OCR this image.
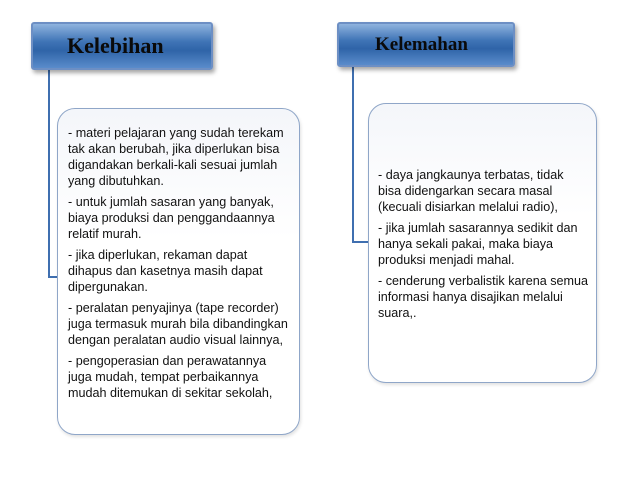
Kelebihan	Kelemahan
- materi pelajaran yang sudah terekam tak akan berubah, jika diperlukan bisa
digandakan berkali-kali sesuai jumlah yang dibutuhkan.
- untuk jumlah sasaran yang banyak, biaya produksi dan penggandaannya relatif murah.
- jika diperlukan, rekaman dapat dihapus dan kasetnya masih dapat dipergunakan.
- peralatan penyajinya (tape recorder) juga termasuk murah bila dibandingkan dengan peralatan audio visual lainnya,
- pengoperasian dan perawatannya juga mudah, tempat perbaikannya mudah ditemukan di sekitar sekolah,
- daya jangkaunya terbatas, tidak bisa didengarkan secara masal (kecuali disiarkan melalui radio),
- jika jumlah sasarannya sedikit dan hanya sekali pakai, maka biaya produksi menjadi mahal.
- cenderung verbalistik karena semua informasi hanya disajikan melalui suara,.
